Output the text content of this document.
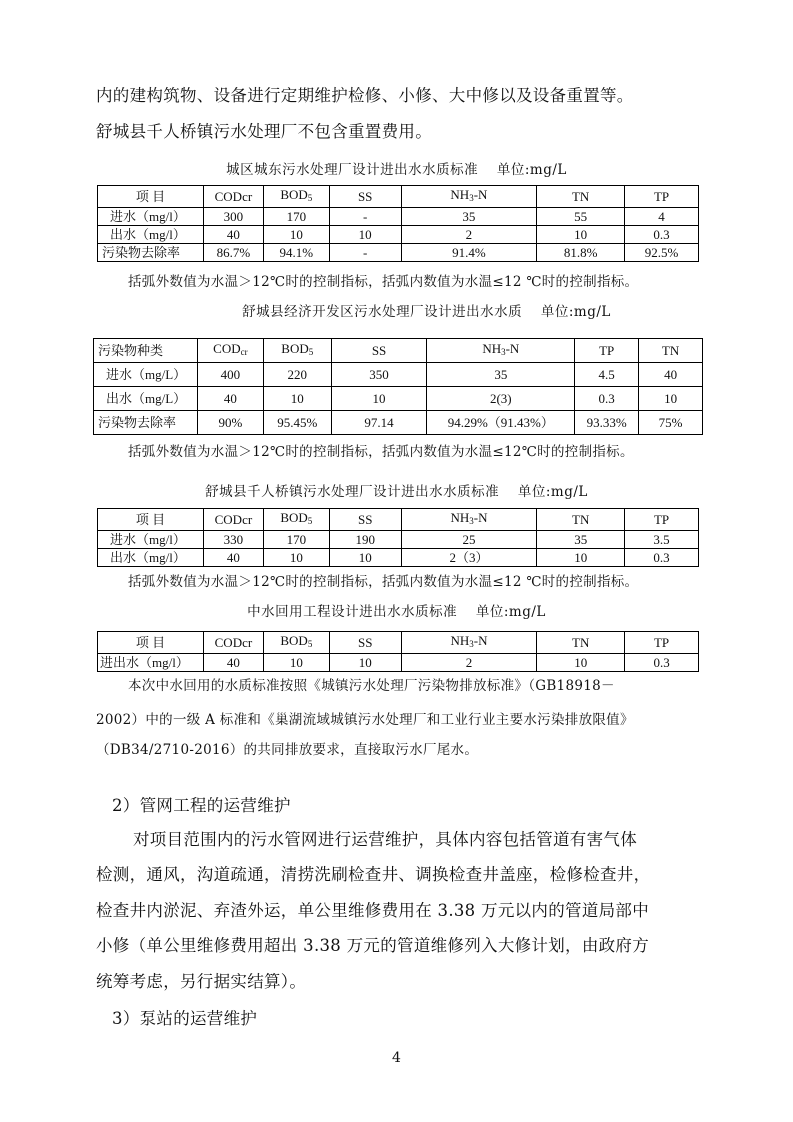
内的建构筑物、设备进行定期维护检修、小修、大中修以及设备重置等。
舒城县千人桥镇污水处理厂不包含重置费用。
城区城东污水处理厂设计进出水水质标准　 单位:mg/L
项 目	CODcr	$BOD_5$	SS	$NH_3-N$	TN	TP
进水（mg/l）	300	170	-	35	55	4
出水（mg/l）	40	10	10	2	10	0.3
污染物去除率	86.7%	94.1%	-	91.4%	81.8%	92.5%
括弧外数值为水温＞12℃时的控制指标，括弧内数值为水温≤12 ℃时的控制指标。
舒城县经济开发区污水处理厂设计进出水水质　 单位:mg/L
污染物种类	$COD_{cr}$	$BOD_5$	SS	$NH_3-N$	TP	TN
进水（mg/L）	400	220	350	35	4.5	40
出水（mg/L）	40	10	10	2(3)	0.3	10
污染物去除率	90%	95.45%	97.14	94.29%（91.43%）	93.33%	75%
括弧外数值为水温＞12℃时的控制指标，括弧内数值为水温≤12℃时的控制指标。
舒城县千人桥镇污水处理厂设计进出水水质标准　 单位:mg/L
项 目	CODcr	$BOD_5$	SS	$NH_3-N$	TN	TP
进水（mg/l）	330	170	190	25	35	3.5
出水（mg/l）	40	10	10	2（3）	10	0.3
括弧外数值为水温＞12℃时的控制指标，括弧内数值为水温≤12 ℃时的控制指标。
中水回用工程设计进出水水质标准　 单位:mg/L
项 目	CODcr	$BOD_5$	SS	$NH_3-N$	TN	TP
进出水（mg/l）	40	10	10	2	10	0.3
本次中水回用的水质标准按照《城镇污水处理厂污染物排放标准》（GB18918－
2002）中的一级 A 标准和《巢湖流域城镇污水处理厂和工业行业主要水污染排放限值》
（DB34/2710-2016）的共同排放要求，直接取污水厂尾水。
2）管网工程的运营维护
对项目范围内的污水管网进行运营维护，具体内容包括管道有害气体
检测，通风，沟道疏通，清捞洗刷检查井、调换检查井盖座，检修检查井，
检查井内淤泥、弃渣外运，单公里维修费用在 3.38 万元以内的管道局部中
小修（单公里维修费用超出 3.38 万元的管道维修列入大修计划，由政府方
统筹考虑，另行据实结算）。
3）泵站的运营维护
4
